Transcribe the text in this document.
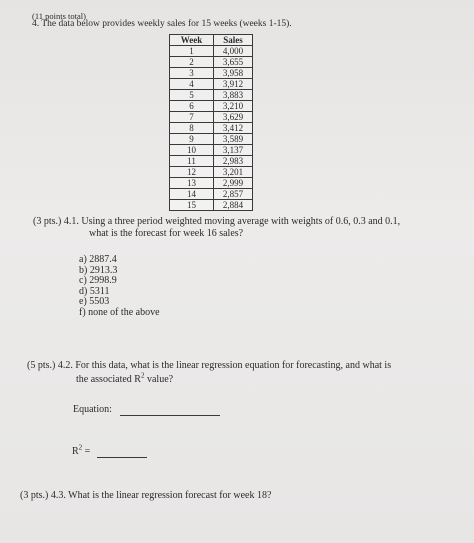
(11 points total)
4. The data below provides weekly sales for 15 weeks (weeks 1-15).
Week	Sales
1	4,000
2	3,655
3	3,958
4	3,912
5	3,883
6	3,210
7	3,629
8	3,412
9	3,589
10	3,137
11	2,983
12	3,201
13	2,999
14	2,857
15	2,884
(3 pts.) 4.1. Using a three period weighted moving average with weights of 0.6, 0.3 and 0.1,
what is the forecast for week 16 sales?
a) 2887.4
b) 2913.3
c) 2998.9
d) 5311
e) 5503
f) none of the above
(5 pts.) 4.2. For this data, what is the linear regression equation for forecasting, and what is
the associated $R^2$ value?
Equation:
$R^2$ =
(3 pts.) 4.3. What is the linear regression forecast for week 18?
